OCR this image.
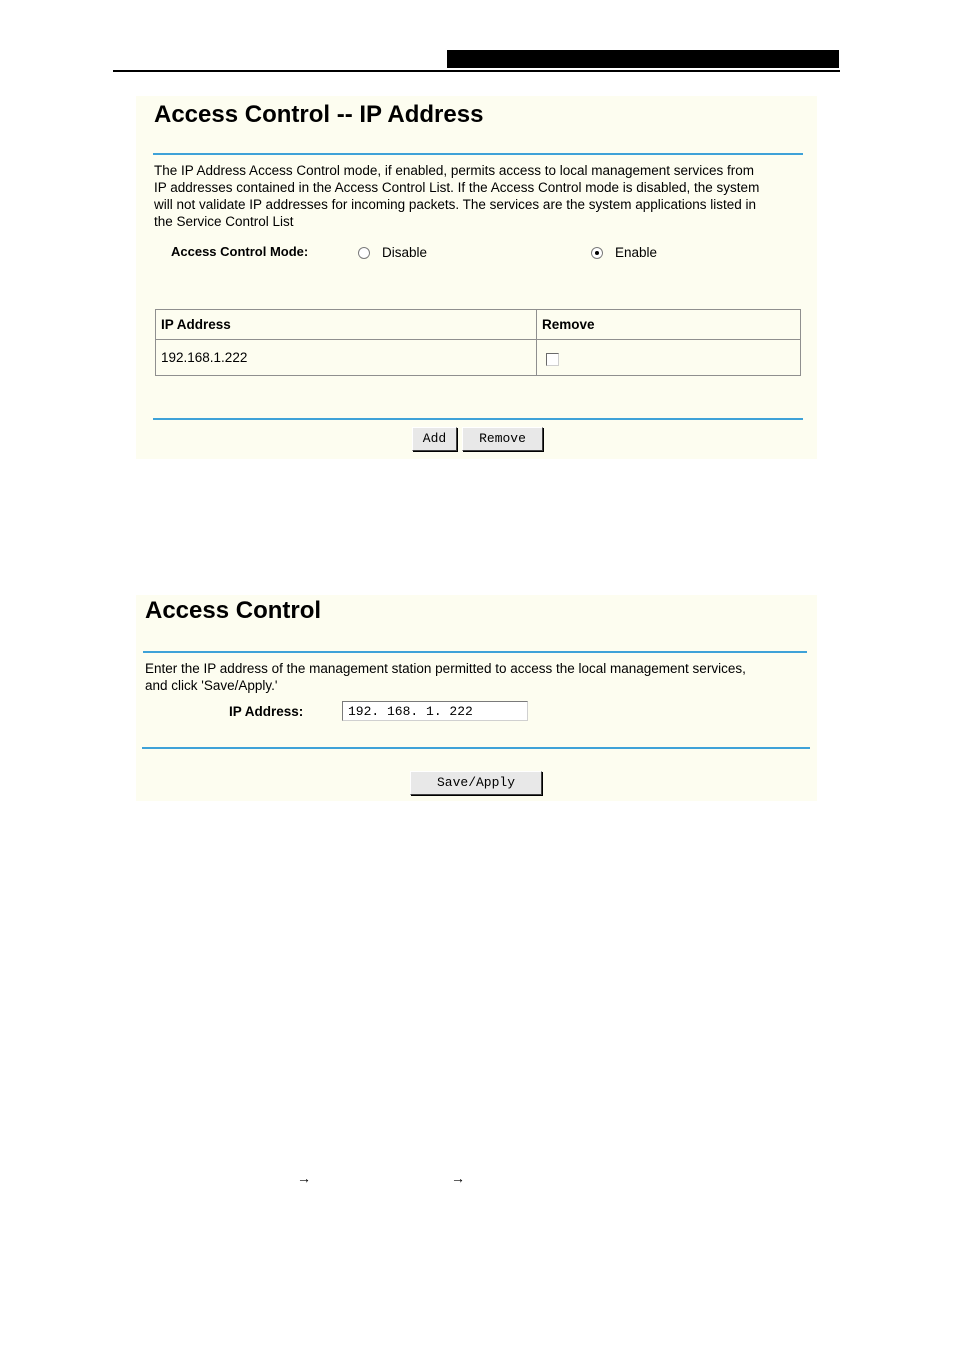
Access Control -- IP Address
The IP Address Access Control mode, if enabled, permits access to local management services from
IP addresses contained in the Access Control List. If the Access Control mode is disabled, the system
will not validate IP addresses for incoming packets. The services are the system applications listed in
the Service Control List
Access Control Mode:	Disable	Enable
IP Address	Remove
192.168.1.222	
Add	Remove
Access Control
Enter the IP address of the management station permitted to access the local management services,
and click 'Save/Apply.'
IP Address:	192. 168. 1. 222
Save/Apply
→	→
